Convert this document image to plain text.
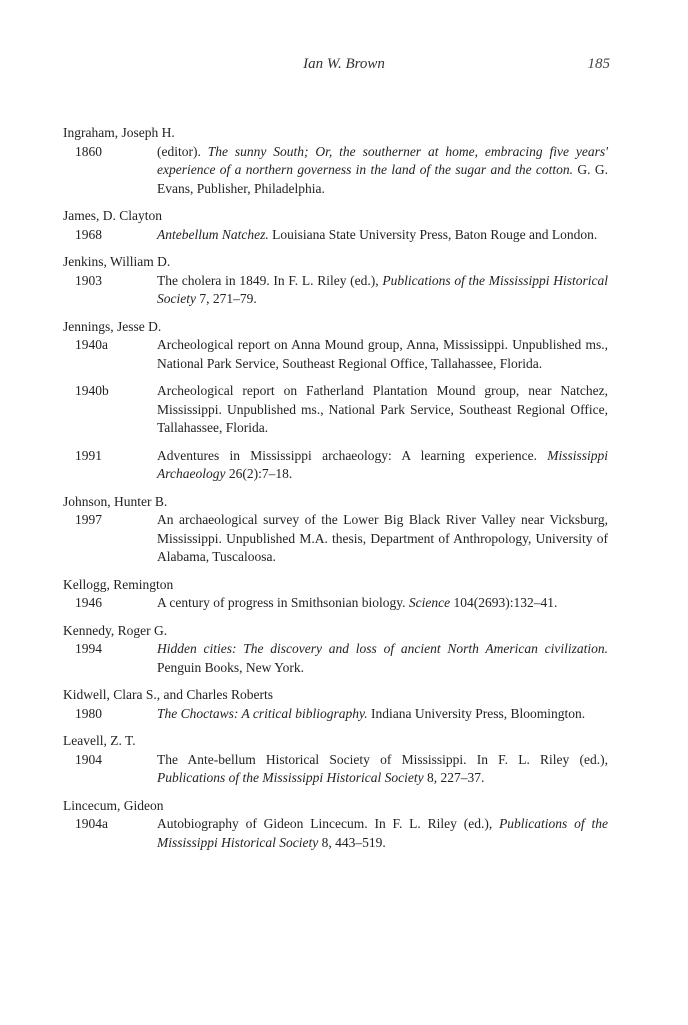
Ian W. Brown	185
Ingraham, Joseph H.
1860	(editor). The sunny South; Or, the southerner at home, embracing five years' experience of a northern governess in the land of the sugar and the cotton. G. G. Evans, Publisher, Philadelphia.
James, D. Clayton
1968	Antebellum Natchez. Louisiana State University Press, Baton Rouge and London.
Jenkins, William D.
1903	The cholera in 1849. In F. L. Riley (ed.), Publications of the Mississippi Historical Society 7, 271–79.
Jennings, Jesse D.
1940a	Archeological report on Anna Mound group, Anna, Mississippi. Unpublished ms., National Park Service, Southeast Regional Office, Tallahassee, Florida.
1940b	Archeological report on Fatherland Plantation Mound group, near Natchez, Mississippi. Unpublished ms., National Park Service, Southeast Regional Office, Tallahassee, Florida.
1991	Adventures in Mississippi archaeology: A learning experience. Mississippi Archaeology 26(2):7–18.
Johnson, Hunter B.
1997	An archaeological survey of the Lower Big Black River Valley near Vicksburg, Mississippi. Unpublished M.A. thesis, Department of Anthropology, University of Alabama, Tuscaloosa.
Kellogg, Remington
1946	A century of progress in Smithsonian biology. Science 104(2693):132–41.
Kennedy, Roger G.
1994	Hidden cities: The discovery and loss of ancient North American civilization. Penguin Books, New York.
Kidwell, Clara S., and Charles Roberts
1980	The Choctaws: A critical bibliography. Indiana University Press, Bloomington.
Leavell, Z. T.
1904	The Ante-bellum Historical Society of Mississippi. In F. L. Riley (ed.), Publications of the Mississippi Historical Society 8, 227–37.
Lincecum, Gideon
1904a	Autobiography of Gideon Lincecum. In F. L. Riley (ed.), Publications of the Mississippi Historical Society 8, 443–519.
